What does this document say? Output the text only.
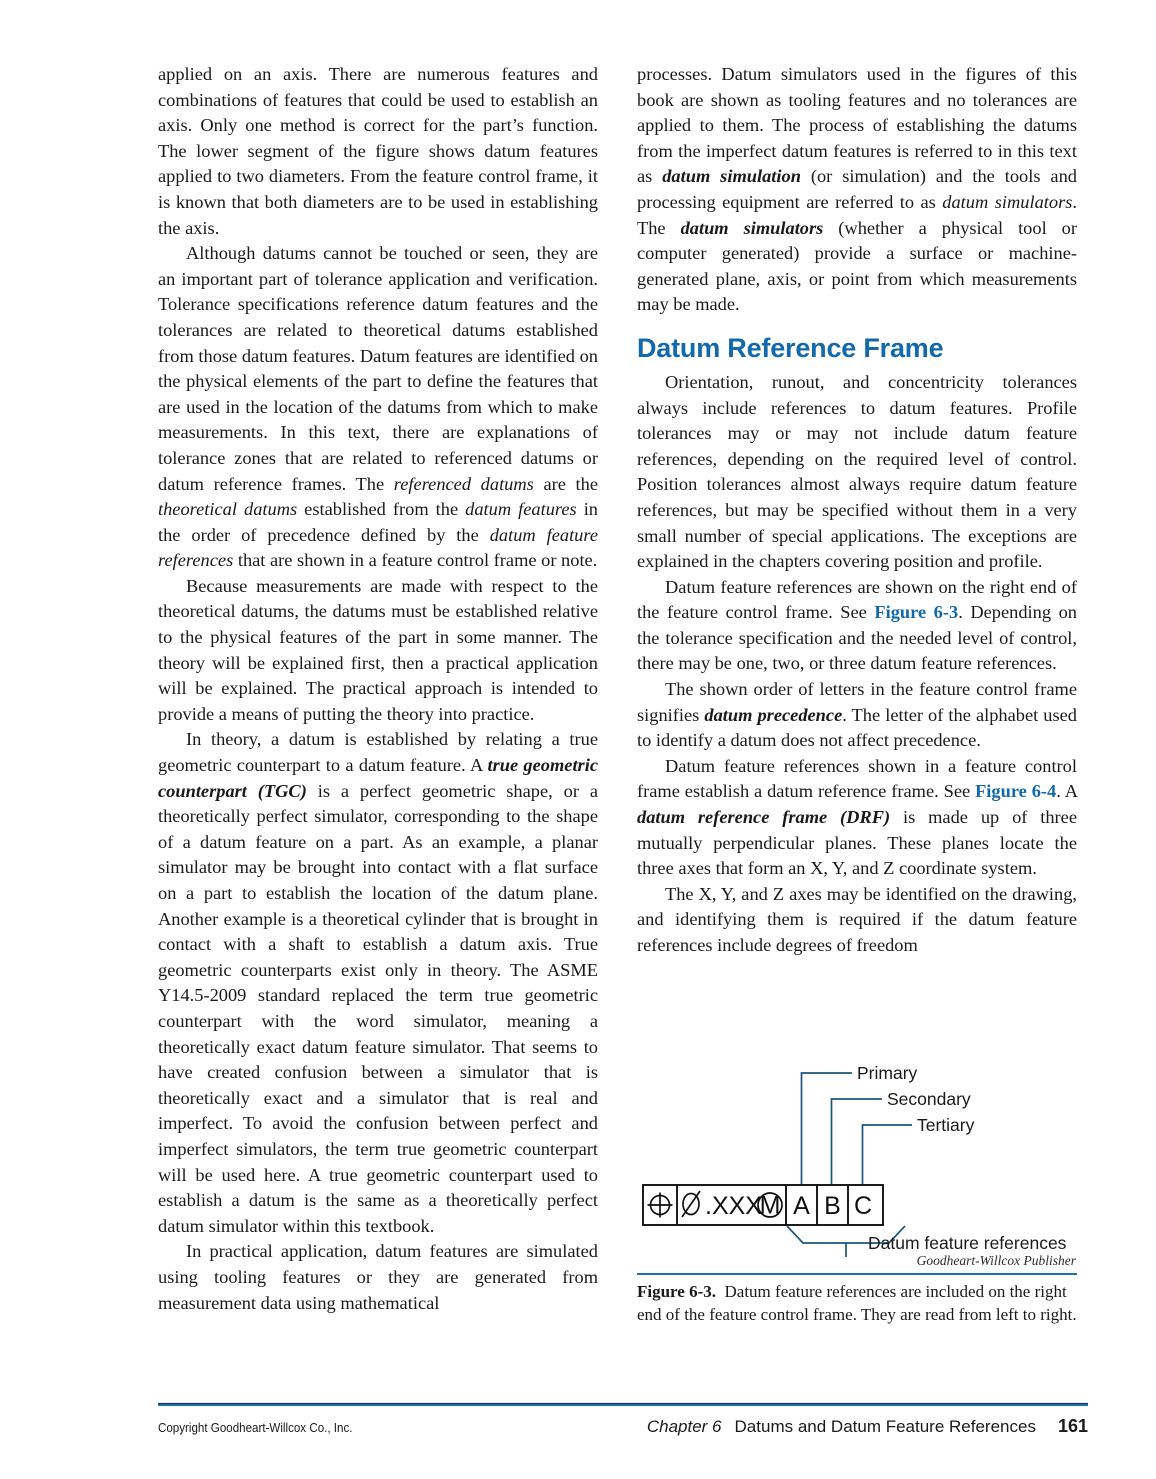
applied on an axis. There are numerous features and combinations of features that could be used to establish an axis. Only one method is correct for the part’s function. The lower segment of the figure shows datum features applied to two diameters. From the feature control frame, it is known that both diameters are to be used in establishing the axis.

Although datums cannot be touched or seen, they are an important part of tolerance application and verification. Tolerance specifications reference datum features and the tolerances are related to theoretical datums established from those datum features. Datum features are identified on the physical elements of the part to define the features that are used in the location of the datums from which to make measurements. In this text, there are explanations of tolerance zones that are related to referenced datums or datum reference frames. The referenced datums are the theoretical datums established from the datum features in the order of precedence defined by the datum feature references that are shown in a feature control frame or note.

Because measurements are made with respect to the theoretical datums, the datums must be established relative to the physical features of the part in some manner. The theory will be explained first, then a practical application will be explained. The practical approach is intended to provide a means of putting the theory into practice.

In theory, a datum is established by relating a true geometric counterpart to a datum feature. A true geometric counterpart (TGC) is a perfect geometric shape, or a theoretically perfect simulator, corresponding to the shape of a datum feature on a part. As an example, a planar simulator may be brought into contact with a flat surface on a part to establish the location of the datum plane. Another example is a theoretical cylinder that is brought in contact with a shaft to establish a datum axis. True geometric counterparts exist only in theory. The ASME Y14.5-2009 standard replaced the term true geometric counterpart with the word simulator, meaning a theoretically exact datum feature simulator. That seems to have created confusion between a simulator that is theoretically exact and a simulator that is real and imperfect. To avoid the confusion between perfect and imperfect simulators, the term true geometric counterpart will be used here. A true geometric counterpart used to establish a datum is the same as a theoretically perfect datum simulator within this textbook.

In practical application, datum features are simulated using tooling features or they are generated from measurement data using mathematical

processes. Datum simulators used in the figures of this book are shown as tooling features and no tolerances are applied to them. The process of establishing the datums from the imperfect datum features is referred to in this text as datum simulation (or simulation) and the tools and processing equipment are referred to as datum simulators. The datum simulators (whether a physical tool or computer generated) provide a surface or machine-generated plane, axis, or point from which measurements may be made.

Datum Reference Frame

Orientation, runout, and concentricity tolerances always include references to datum features. Profile tolerances may or may not include datum feature references, depending on the required level of control. Position tolerances almost always require datum feature references, but may be specified without them in a very small number of special applications. The exceptions are explained in the chapters covering position and profile.

Datum feature references are shown on the right end of the feature control frame. See Figure 6-3. Depending on the tolerance specification and the needed level of control, there may be one, two, or three datum feature references.

The shown order of letters in the feature control frame signifies datum precedence. The letter of the alphabet used to identify a datum does not affect precedence.

Datum feature references shown in a feature control frame establish a datum reference frame. See Figure 6-4. A datum reference frame (DRF) is made up of three mutually perpendicular planes. These planes locate the three axes that form an X, Y, and Z coordinate system.

The X, Y, and Z axes may be identified on the drawing, and identifying them is required if the datum feature references include degrees of freedom

.XXX
M A B C
Primary
Secondary
Tertiary
Datum feature references
Goodheart-Willcox Publisher
Figure 6-3. Datum feature references are included on the right end of the feature control frame. They are read from left to right.
Copyright Goodheart-Willcox Co., Inc.	Chapter 6 Datums and Datum Feature References 161
